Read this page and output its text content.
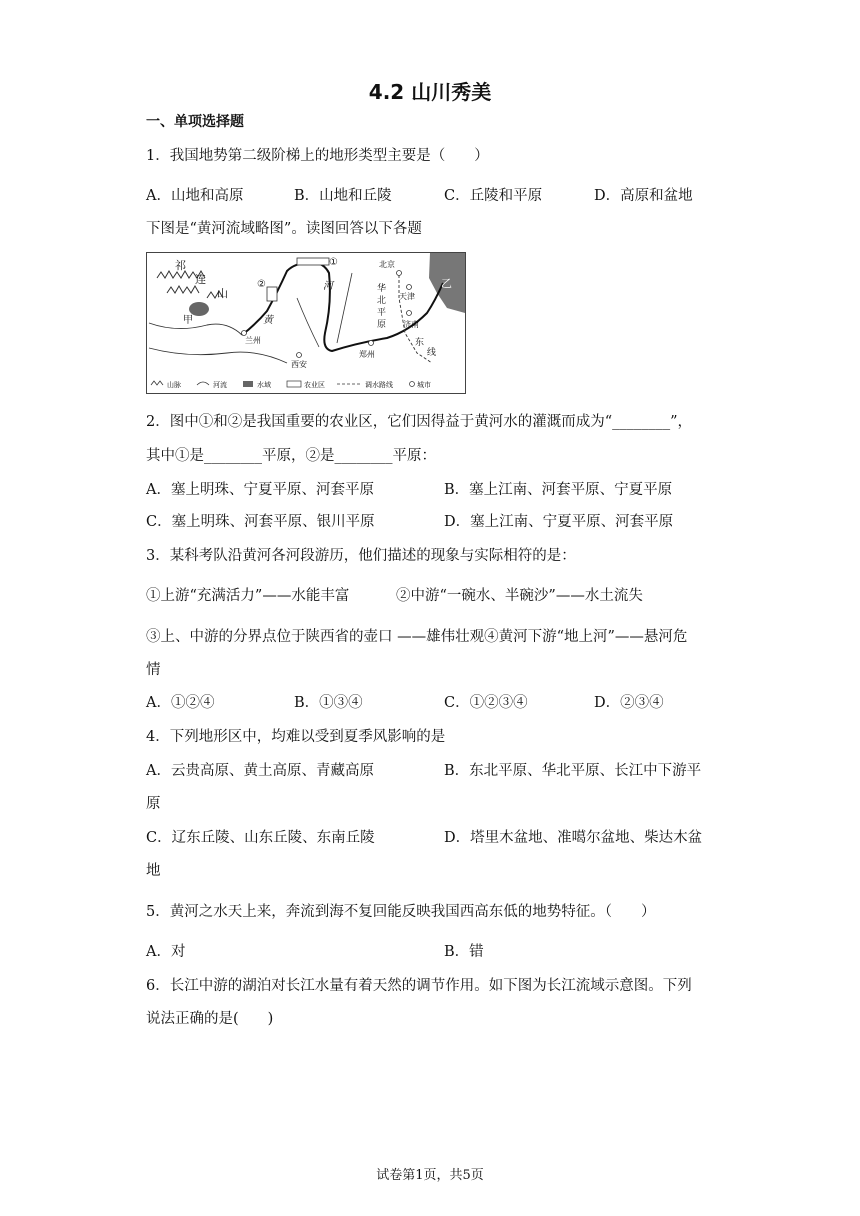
4.2 山川秀美
一、单项选择题
1．我国地势第二级阶梯上的地形类型主要是（　　）
A．山地和高原	B．山地和丘陵	C．丘陵和平原	D．高原和盆地
下图是“黄河流域略图”。读图回答以下各题
祁
连
山
甲
兰州
黄
河
西安
郑州
北京
天津
华
北
平
原 济南
东
线
乙
①
②
山脉	河流	水域	农业区	调水路线	城市
2．图中①和②是我国重要的农业区，它们因得益于黄河水的灌溉而成为“________”，
其中①是________平原，②是________平原：
A．塞上明珠、宁夏平原、河套平原	B．塞上江南、河套平原、宁夏平原
C．塞上明珠、河套平原、银川平原	D．塞上江南、宁夏平原、河套平原
3．某科考队沿黄河各河段游历，他们描述的现象与实际相符的是：
①上游“充满活力”——水能丰富	②中游“一碗水、半碗沙”——水土流失
③上、中游的分界点位于陕西省的壶口 ——雄伟壮观④黄河下游“地上河”——悬河危
情
A．①②④	B．①③④	C．①②③④	D．②③④
4．下列地形区中，均难以受到夏季风影响的是
A．云贵高原、黄土高原、青藏高原	B．东北平原、华北平原、长江中下游平
原
C．辽东丘陵、山东丘陵、东南丘陵	D．塔里木盆地、准噶尔盆地、柴达木盆
地
5．黄河之水天上来，奔流到海不复回能反映我国西高东低的地势特征。（　　）
A．对	B．错
6．长江中游的湖泊对长江水量有着天然的调节作用。如下图为长江流域示意图。下列
说法正确的是(　　)
试卷第1页，共5页
